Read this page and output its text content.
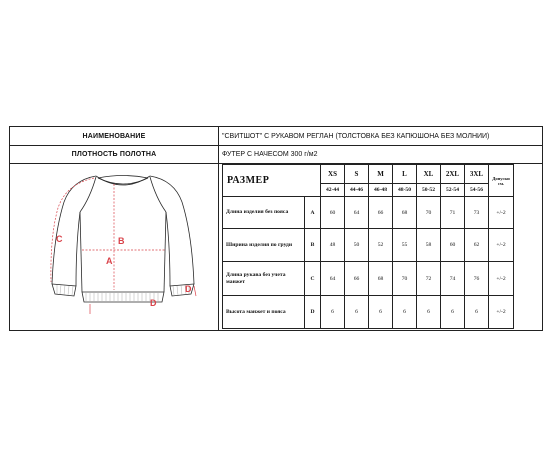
НАИМЕНОВАНИЕ	"СВИТШОТ" С РУКАВОМ РЕГЛАН (ТОЛСТОВКА БЕЗ КАПЮШОНА БЕЗ МОЛНИИ)
ПЛОТНОСТЬ ПОЛОТНА	ФУТЕР С НАЧЕСОМ 300 г/м2
A
B
C
D
D
РАЗМЕР		XS	S	M	L	XL	2XL	3XL	Допуски см.
		42-44	44-46	46-48	48-50	50-52	52-54	54-56	
Длина изделия без пояса	A	60	64	66	68	70	71	73	+/-2
Ширина изделия по груди	B	48	50	52	55	58	60	62	+/-2
Длина рукава без учета манжет	C	64	66	68	70	72	74	76	+/-2
Высота манжет и пояса	D	6	6	6	6	6	6	6	+/-2
